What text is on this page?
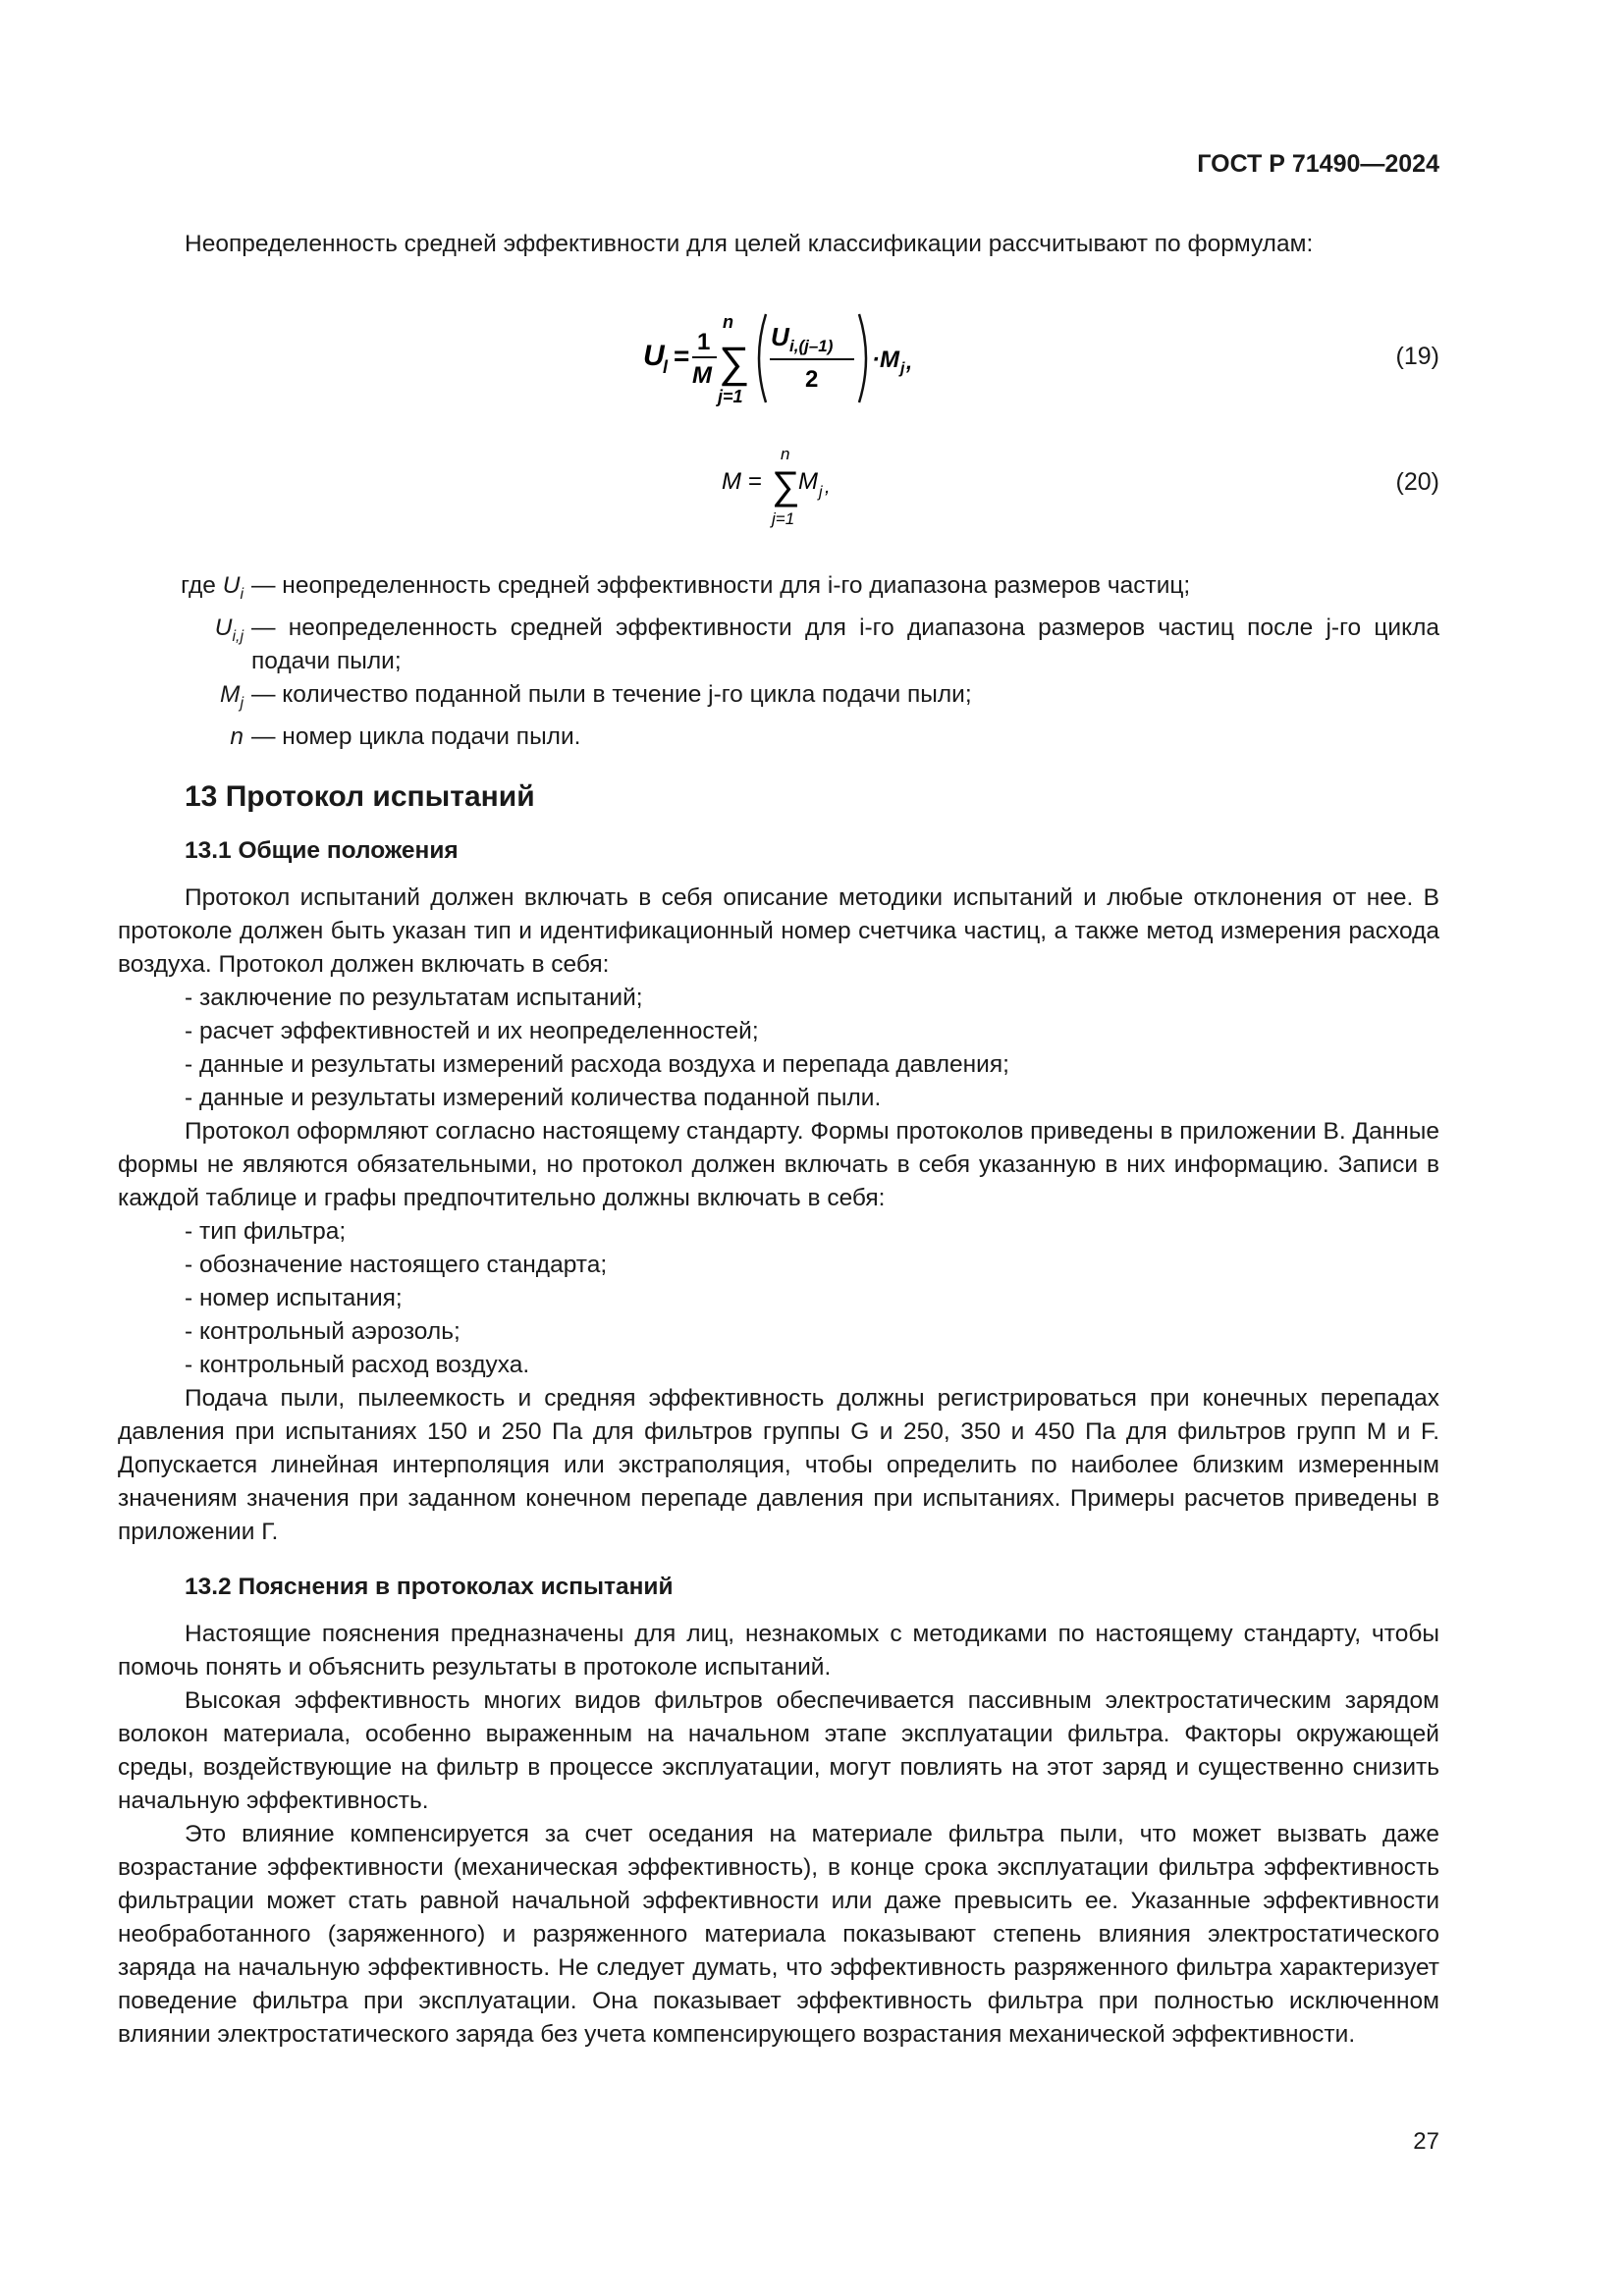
ГОСТ Р 71490—2024

Неопределенность средней эффективности для целей классификации рассчитывают по формулам:

U
l = 1
M
n
∑
j=1
U i,(j–1)
2
·M j ,	(19)
M =
n
∑
j=1
M j ,	(20)
где $U_i$ — неопределенность средней эффективности для i-го диапазона размеров частиц;
$U_{i,j}$ — неопределенность средней эффективности для i-го диапазона размеров частиц после j-го цикла подачи пыли;
$M_j$ — количество поданной пыли в течение j-го цикла подачи пыли;
n — номер цикла подачи пыли.
13 Протокол испытаний
13.1 Общие положения

Протокол испытаний должен включать в себя описание методики испытаний и любые отклонения от нее. В протоколе должен быть указан тип и идентификационный номер счетчика частиц, а также метод измерения расхода воздуха. Протокол должен включать в себя:

- заключение по результатам испытаний;
- расчет эффективностей и их неопределенностей;
- данные и результаты измерений расхода воздуха и перепада давления;
- данные и результаты измерений количества поданной пыли.

Протокол оформляют согласно настоящему стандарту. Формы протоколов приведены в приложении В. Данные формы не являются обязательными, но протокол должен включать в себя указанную в них информацию. Записи в каждой таблице и графы предпочтительно должны включать в себя:

- тип фильтра;
- обозначение настоящего стандарта;
- номер испытания;
- контрольный аэрозоль;
- контрольный расход воздуха.

Подача пыли, пылеемкость и средняя эффективность должны регистрироваться при конечных перепадах давления при испытаниях 150 и 250 Па для фильтров группы G и 250, 350 и 450 Па для фильтров групп M и F. Допускается линейная интерполяция или экстраполяция, чтобы определить по наиболее близким измеренным значениям значения при заданном конечном перепаде давления при испытаниях. Примеры расчетов приведены в приложении Г.

13.2 Пояснения в протоколах испытаний

Настоящие пояснения предназначены для лиц, незнакомых с методиками по настоящему стандарту, чтобы помочь понять и объяснить результаты в протоколе испытаний.

Высокая эффективность многих видов фильтров обеспечивается пассивным электростатическим зарядом волокон материала, особенно выраженным на начальном этапе эксплуатации фильтра. Факторы окружающей среды, воздействующие на фильтр в процессе эксплуатации, могут повлиять на этот заряд и существенно снизить начальную эффективность.

Это влияние компенсируется за счет оседания на материале фильтра пыли, что может вызвать даже возрастание эффективности (механическая эффективность), в конце срока эксплуатации фильтра эффективность фильтрации может стать равной начальной эффективности или даже превысить ее. Указанные эффективности необработанного (заряженного) и разряженного материала показывают степень влияния электростатического заряда на начальную эффективность. Не следует думать, что эффективность разряженного фильтра характеризует поведение фильтра при эксплуатации. Она показывает эффективность фильтра при полностью исключенном влиянии электростатического заряда без учета компенсирующего возрастания механической эффективности.

27
